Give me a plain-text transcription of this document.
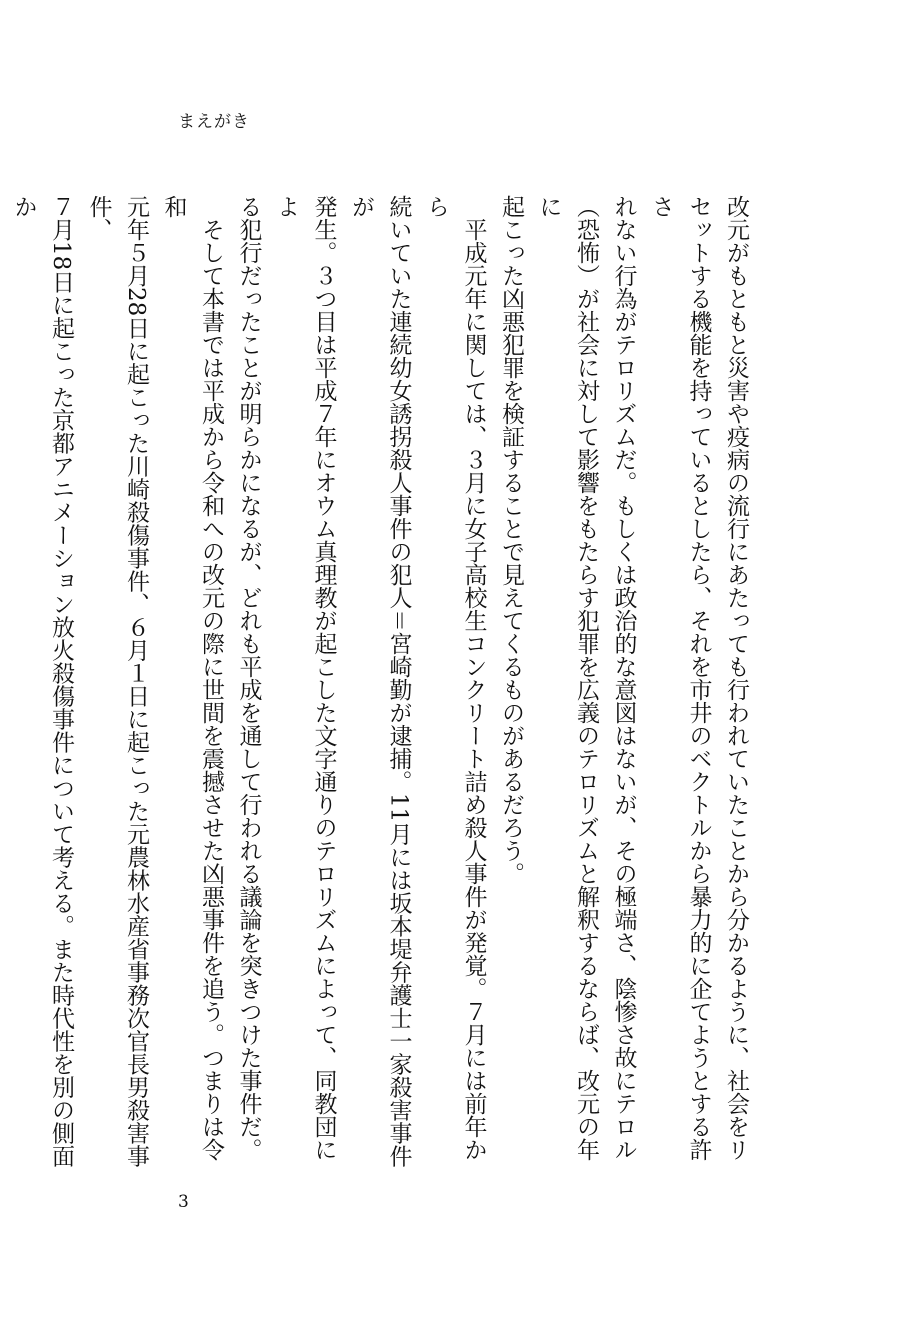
まえがき

改元がもともと災害や疫病の流行にあたっても行われていたことから分かるように、社会をリ
セットする機能を持っているとしたら、それを市井のベクトルから暴力的に企てようとする許さ
れない行為がテロリズムだ。もしくは政治的な意図はないが、その極端さ、陰惨さ故にテロル
（恐怖）が社会に対して影響をもたらす犯罪を広義のテロリズムと解釈するならば、改元の年に
起こった凶悪犯罪を検証することで見えてくるものがあるだろう。

　平成元年に関しては、３月に女子高校生コンクリート詰め殺人事件が発覚。７月には前年から
続いていた連続幼女誘拐殺人事件の犯人＝宮崎勤が逮捕。11月には坂本堤弁護士一家殺害事件が
発生。３つ目は平成７年にオウム真理教が起こした文字通りのテロリズムによって、同教団によ
る犯行だったことが明らかになるが、どれも平成を通して行われる議論を突きつけた事件だ。

　そして本書では平成から令和への改元の際に世間を震撼させた凶悪事件を追う。つまりは令和
元年５月28日に起こった川崎殺傷事件、６月１日に起こった元農林水産省事務次官長男殺害事件、
７月18日に起こった京都アニメーション放火殺傷事件について考える。また時代性を別の側面か

3
